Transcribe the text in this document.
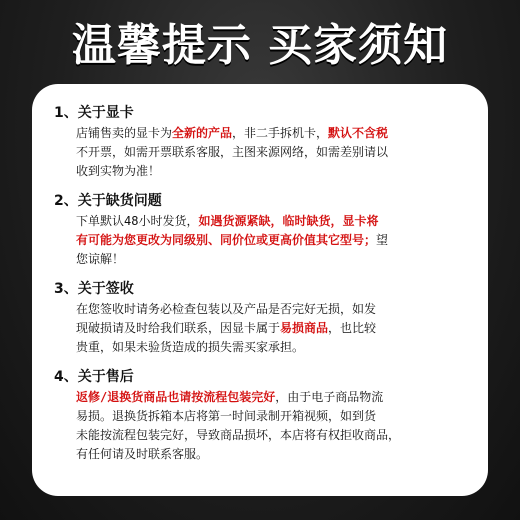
温馨提示 买家须知
1、关于显卡
店铺售卖的显卡为全新的产品，非二手拆机卡，默认不含税
不开票，如需开票联系客服，主图来源网络，如需差别请以
收到实物为准！
2、关于缺货问题
下单默认48小时发货，如遇货源紧缺，临时缺货，显卡将
有可能为您更改为同级别、同价位或更高价值其它型号；望
您谅解！
3、关于签收
在您签收时请务必检查包装以及产品是否完好无损，如发
现破损请及时给我们联系，因显卡属于易损商品，也比较
贵重，如果未验货造成的损失需买家承担。
4、关于售后
返修/退换货商品也请按流程包装完好，由于电子商品物流
易损。退换货拆箱本店将第一时间录制开箱视频，如到货
未能按流程包装完好，导致商品损坏，本店将有权拒收商品，
有任何请及时联系客服。
